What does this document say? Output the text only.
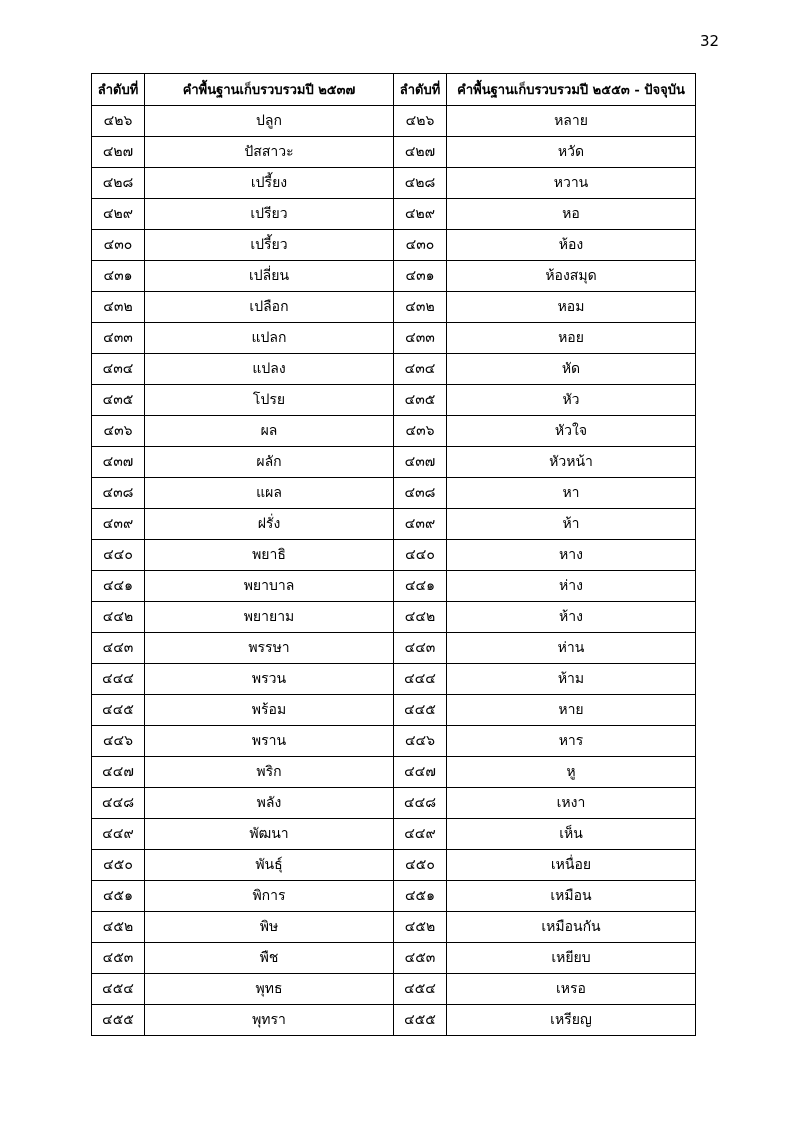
32
ลำดับที่	คำพื้นฐานเก็บรวบรวมปี ๒๕๓๗	ลำดับที่	คำพื้นฐานเก็บรวบรวมปี ๒๕๕๓ - ปัจจุบัน
๔๒๖	ปลูก	๔๒๖	หลาย
๔๒๗	ปัสสาวะ	๔๒๗	หวัด
๔๒๘	เปรี้ยง	๔๒๘	หวาน
๔๒๙	เปรียว	๔๒๙	หอ
๔๓๐	เปรี้ยว	๔๓๐	ห้อง
๔๓๑	เปลี่ยน	๔๓๑	ห้องสมุด
๔๓๒	เปลือก	๔๓๒	หอม
๔๓๓	แปลก	๔๓๓	หอย
๔๓๔	แปลง	๔๓๔	หัด
๔๓๕	โปรย	๔๓๕	หัว
๔๓๖	ผล	๔๓๖	หัวใจ
๔๓๗	ผลัก	๔๓๗	หัวหน้า
๔๓๘	แผล	๔๓๘	หา
๔๓๙	ฝรั่ง	๔๓๙	ห้า
๔๔๐	พยาธิ	๔๔๐	หาง
๔๔๑	พยาบาล	๔๔๑	ห่าง
๔๔๒	พยายาม	๔๔๒	ห้าง
๔๔๓	พรรษา	๔๔๓	ห่าน
๔๔๔	พรวน	๔๔๔	ห้าม
๔๔๕	พร้อม	๔๔๕	หาย
๔๔๖	พราน	๔๔๖	หาร
๔๔๗	พริก	๔๔๗	หู
๔๔๘	พลัง	๔๔๘	เหงา
๔๔๙	พัฒนา	๔๔๙	เห็น
๔๕๐	พันธุ์	๔๕๐	เหนื่อย
๔๕๑	พิการ	๔๕๑	เหมือน
๔๕๒	พิษ	๔๕๒	เหมือนกัน
๔๕๓	พืช	๔๕๓	เหยียบ
๔๕๔	พุทธ	๔๕๔	เหรอ
๔๕๕	พุทรา	๔๕๕	เหรียญ
